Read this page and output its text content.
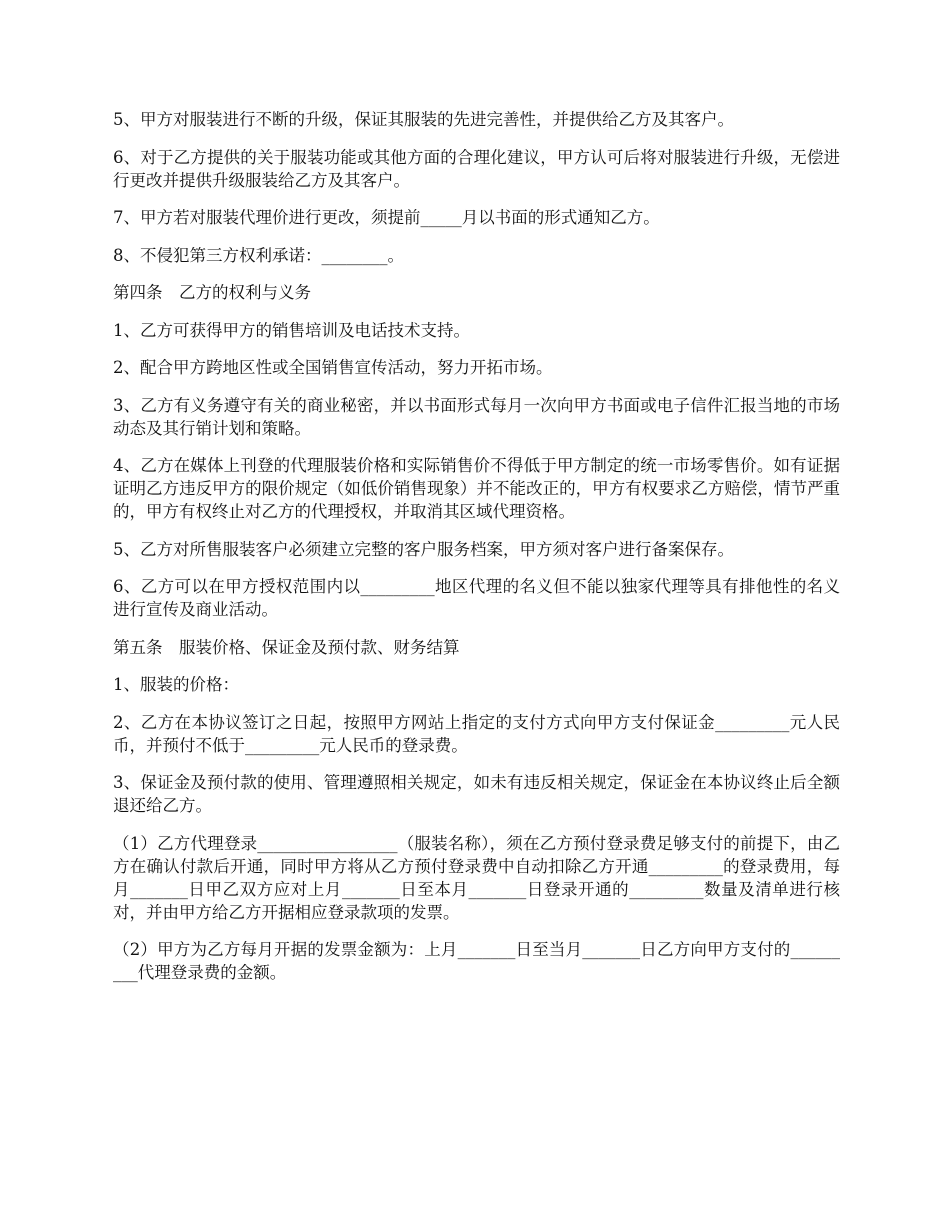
5、甲方对服装进行不断的升级，保证其服装的先进完善性，并提供给乙方及其客户。

6、对于乙方提供的关于服装功能或其他方面的合理化建议，甲方认可后将对服装进行升级，无偿进行更改并提供升级服装给乙方及其客户。

7、甲方若对服装代理价进行更改，须提前_____月以书面的形式通知乙方。

8、不侵犯第三方权利承诺：________。

第四条　乙方的权利与义务

1、乙方可获得甲方的销售培训及电话技术支持。

2、配合甲方跨地区性或全国销售宣传活动，努力开拓市场。

3、乙方有义务遵守有关的商业秘密，并以书面形式每月一次向甲方书面或电子信件汇报当地的市场动态及其行销计划和策略。

4、乙方在媒体上刊登的代理服装价格和实际销售价不得低于甲方制定的统一市场零售价。如有证据证明乙方违反甲方的限价规定（如低价销售现象）并不能改正的，甲方有权要求乙方赔偿，情节严重的，甲方有权终止对乙方的代理授权，并取消其区域代理资格。

5、乙方对所售服装客户必须建立完整的客户服务档案，甲方须对客户进行备案保存。

6、乙方可以在甲方授权范围内以_________地区代理的名义但不能以独家代理等具有排他性的名义进行宣传及商业活动。

第五条　服装价格、保证金及预付款、财务结算

1、服装的价格：

2、乙方在本协议签订之日起，按照甲方网站上指定的支付方式向甲方支付保证金_________元人民币，并预付不低于_________元人民币的登录费。

3、保证金及预付款的使用、管理遵照相关规定，如未有违反相关规定，保证金在本协议终止后全额退还给乙方。

（1）乙方代理登录_________________（服装名称），须在乙方预付登录费足够支付的前提下，由乙方在确认付款后开通，同时甲方将从乙方预付登录费中自动扣除乙方开通_________的登录费用，每月_______日甲乙双方应对上月_______日至本月_______日登录开通的_________数量及清单进行核对，并由甲方给乙方开据相应登录款项的发票。

（2）甲方为乙方每月开据的发票金额为：上月_______日至当月_______日乙方向甲方支付的_________代理登录费的金额。
